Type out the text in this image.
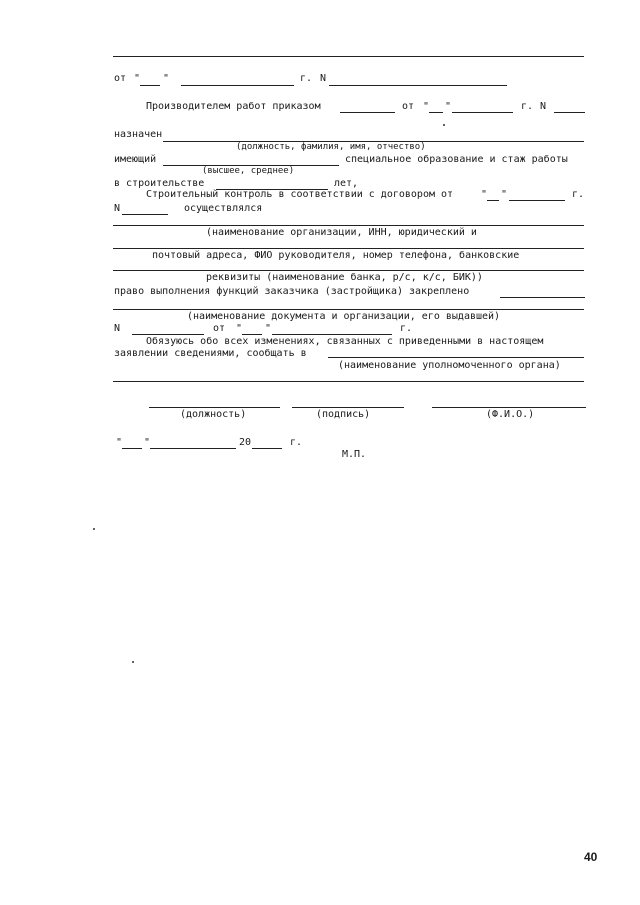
от " "	г. N
Производителем работ приказом	от " "	г. N
назначен
(должность, фамилия, имя, отчество)
имеющий	специальное образование и стаж работы
(высшее, среднее)
в строительстве	лет,
Строительный контроль в соответствии с договором от	" "	г.
N	осуществлялся
(наименование организации, ИНН, юридический и
почтовый адреса, ФИО руководителя, номер телефона, банковские
реквизиты (наименование банка, р/с, к/с, БИК))
право выполнения функций заказчика (застройщика) закреплено
(наименование документа и организации, его выдавшей)
N	от " "	г.
Обязуюсь обо всех изменениях, связанных с приведенными в настоящем
заявлении сведениями, сообщать в
(наименование уполномоченного органа)
(должность)	(подпись)	(Ф.И.О.)
" "	20	г.
М.П.
40
